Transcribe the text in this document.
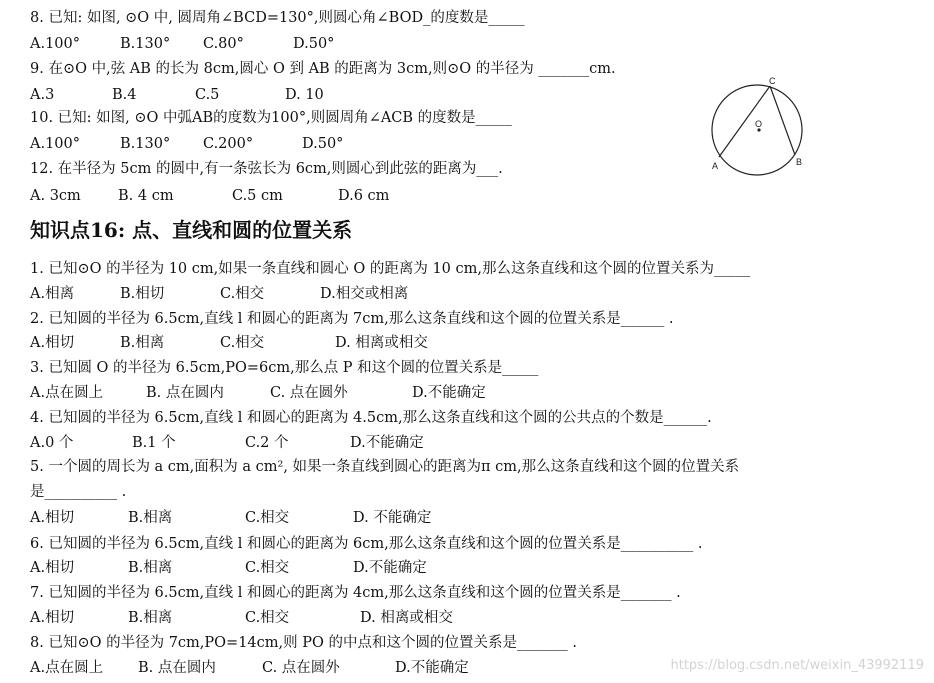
8. 已知: 如图, ⊙O 中, 圆周角∠BCD=130°,则圆心角∠BOD_的度数是_____
A.100°	B.130° C.80°	D.50°
9. 在⊙O 中,弦 AB 的长为 8cm,圆心 O 到 AB 的距离为 3cm,则⊙O 的半径为 _______cm.
A.3	B.4	C.5	D. 10
10. 已知: 如图, ⊙O 中弧AB的度数为100°,则圆周角∠ACB 的度数是_____
A.100°	B.130° C.200°	D.50°
12. 在半径为 5cm 的圆中,有一条弦长为 6cm,则圆心到此弦的距离为___.
A. 3cm	B. 4 cm	C.5 cm	D.6 cm
C
O
A	B
知识点16: 点、直线和圆的位置关系
1. 已知⊙O 的半径为 10 cm,如果一条直线和圆心 O 的距离为 10 cm,那么这条直线和这个圆的位置关系为_____
A.相离	B.相切	C.相交	D.相交或相离
2. 已知圆的半径为 6.5cm,直线 l 和圆心的距离为 7cm,那么这条直线和这个圆的位置关系是______ .
A.相切	B.相离	C.相交	D. 相离或相交
3. 已知圆 O 的半径为 6.5cm,PO=6cm,那么点 P 和这个圆的位置关系是_____
A.点在圆上	B. 点在圆内	C. 点在圆外	D.不能确定
4. 已知圆的半径为 6.5cm,直线 l 和圆心的距离为 4.5cm,那么这条直线和这个圆的公共点的个数是______.
A.0 个	B.1 个	C.2 个	D.不能确定
5. 一个圆的周长为 a cm,面积为 a cm², 如果一条直线到圆心的距离为π cm,那么这条直线和这个圆的位置关系
是__________ .
A.相切	B.相离	C.相交	D. 不能确定
6. 已知圆的半径为 6.5cm,直线 l 和圆心的距离为 6cm,那么这条直线和这个圆的位置关系是__________ .
A.相切	B.相离	C.相交	D.不能确定
7. 已知圆的半径为 6.5cm,直线 l 和圆心的距离为 4cm,那么这条直线和这个圆的位置关系是_______ .
A.相切	B.相离	C.相交	D. 相离或相交
8. 已知⊙O 的半径为 7cm,PO=14cm,则 PO 的中点和这个圆的位置关系是_______ .
A.点在圆上 B. 点在圆内	C. 点在圆外	D.不能确定	https://blog.csdn.net/weixin_43992119
